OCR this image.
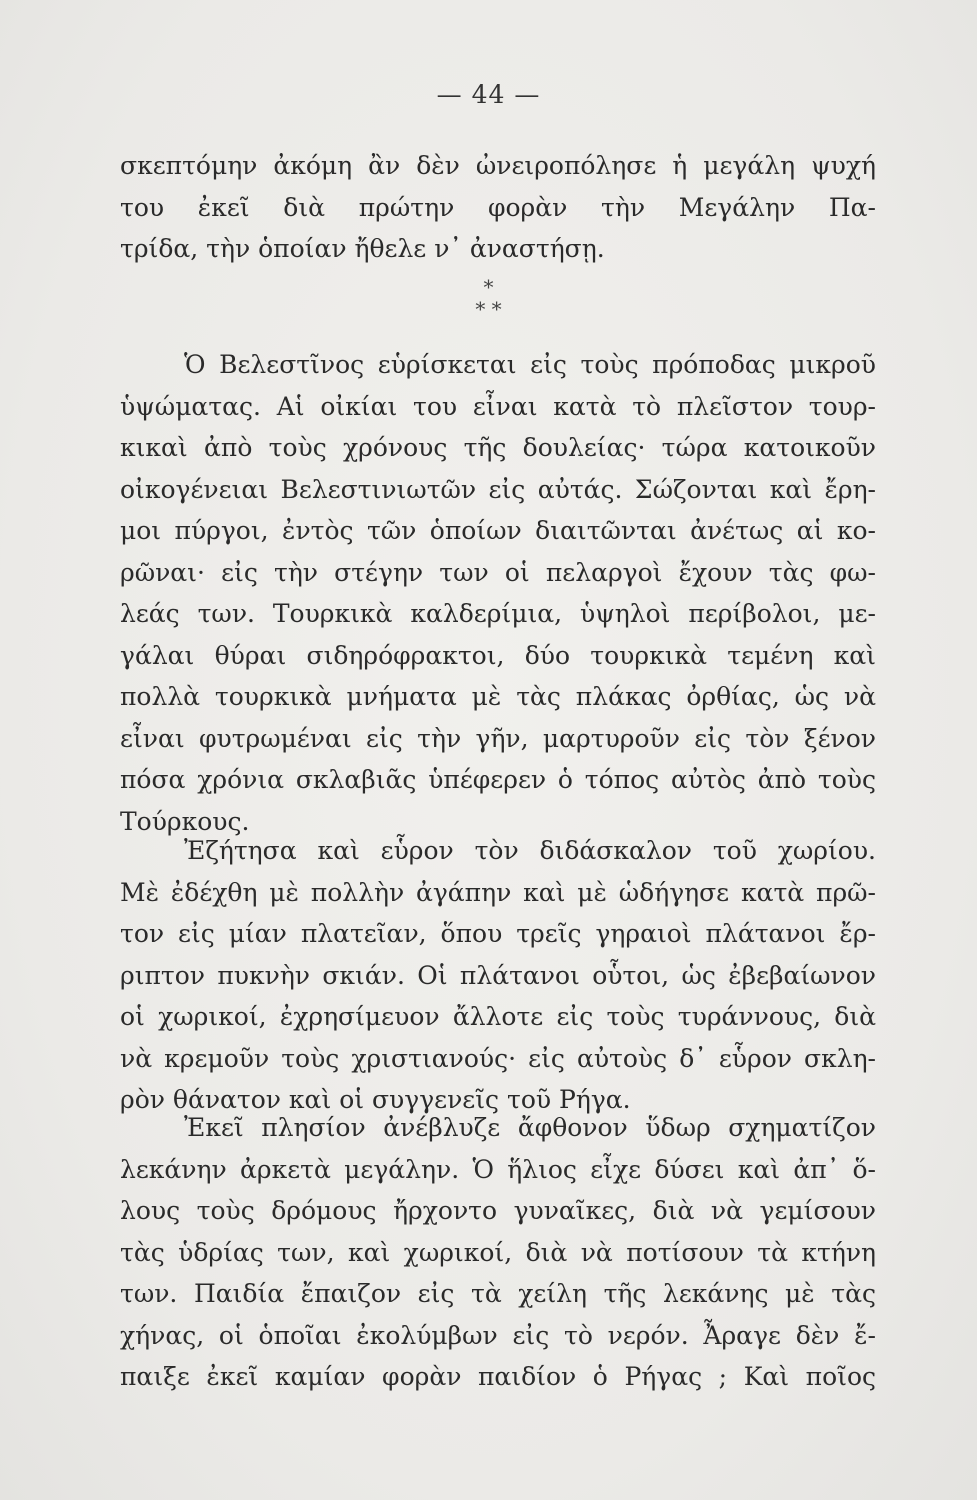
— 44 —
σκεπτόμην ἀκόμη ἂν δὲν ὠνειροπόλησε ἡ μεγάλη ψυχή
του ἐκεῖ διὰ πρώτην φορὰν τὴν Μεγάλην Πα-
τρίδα, τὴν ὁποίαν ἤθελε ν᾽ ἀναστήσῃ.
*
* *
Ὁ Βελεστῖνος εὑρίσκεται εἰς τοὺς πρόποδας μικροῦ
ὑψώματας. Αἱ οἰκίαι του εἶναι κατὰ τὸ πλεῖστον τουρ-
κικαὶ ἀπὸ τοὺς χρόνους τῆς δουλείας· τώρα κατοικοῦν
οἰκογένειαι Βελεστινιωτῶν εἰς αὐτάς. Σώζονται καὶ ἔρη-
μοι πύργοι, ἐντὸς τῶν ὁποίων διαιτῶνται ἀνέτως αἱ κο-
ρῶναι· εἰς τὴν στέγην των οἱ πελαργοὶ ἔχουν τὰς φω-
λεάς των. Τουρκικὰ καλδερίμια, ὑψηλοὶ περίβολοι, με-
γάλαι θύραι σιδηρόφρακτοι, δύο τουρκικὰ τεμένη καὶ
πολλὰ τουρκικὰ μνήματα μὲ τὰς πλάκας ὀρθίας, ὡς νὰ
εἶναι φυτρωμέναι εἰς τὴν γῆν, μαρτυροῦν εἰς τὸν ξένον
πόσα χρόνια σκλαβιᾶς ὑπέφερεν ὁ τόπος αὐτὸς ἀπὸ τοὺς
Τούρκους.
Ἐζήτησα καὶ εὗρον τὸν διδάσκαλον τοῦ χωρίου.
Μὲ ἐδέχθη μὲ πολλὴν ἀγάπην καὶ μὲ ὡδήγησε κατὰ πρῶ-
τον εἰς μίαν πλατεῖαν, ὅπου τρεῖς γηραιοὶ πλάτανοι ἔρ-
ριπτον πυκνὴν σκιάν. Οἱ πλάτανοι οὗτοι, ὡς ἐβεβαίωνον
οἱ χωρικοί, ἐχρησίμευον ἄλλοτε εἰς τοὺς τυράννους, διὰ
νὰ κρεμοῦν τοὺς χριστιανούς· εἰς αὐτοὺς δ᾽ εὗρον σκλη-
ρὸν θάνατον καὶ οἱ συγγενεῖς τοῦ Ρήγα.
Ἐκεῖ πλησίον ἀνέβλυζε ἄφθονον ὕδωρ σχηματίζον
λεκάνην ἀρκετὰ μεγάλην. Ὁ ἥλιος εἶχε δύσει καὶ ἀπ᾽ ὅ-
λους τοὺς δρόμους ἤρχοντο γυναῖκες, διὰ νὰ γεμίσουν
τὰς ὑδρίας των, καὶ χωρικοί, διὰ νὰ ποτίσουν τὰ κτήνη
των. Παιδία ἔπαιζον εἰς τὰ χείλη τῆς λεκάνης μὲ τὰς
χήνας, οἱ ὁποῖαι ἐκολύμβων εἰς τὸ νερόν. Ἆραγε δὲν ἔ-
παιξε ἐκεῖ καμίαν φορὰν παιδίον ὁ Ρήγας ; Καὶ ποῖος
